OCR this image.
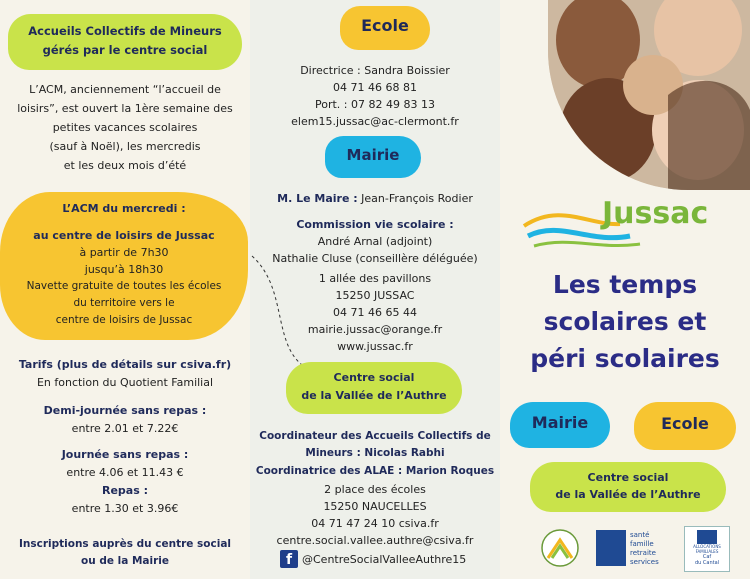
Accueils Collectifs de Mineurs
gérés par le centre social
L’ACM, anciennement “l’accueil de loisirs”, est ouvert la 1ère semaine des petites vacances scolaires
(sauf à Noël), les mercredis
et les deux mois d’été
L’ACM du mercredi :
au centre de loisirs de Jussac
à partir de 7h30
jusqu’à 18h30
Navette gratuite de toutes les écoles
du territoire vers le
centre de loisirs de Jussac
Tarifs (plus de détails sur csiva.fr)
En fonction du Quotient Familial
Demi-journée sans repas :
entre 2.01 et 7.22€
Journée sans repas :
entre 4.06 et 11.43 €
Repas :
entre 1.30 et 3.96€
Inscriptions auprès du centre social
ou de la Mairie
Ecole
Directrice : Sandra Boissier
04 71 46 68 81
Port. : 07 82 49 83 13
elem15.jussac@ac-clermont.fr
Mairie
M. Le Maire : Jean-François Rodier
Commission vie scolaire :
André Arnal (adjoint)
Nathalie Cluse (conseillère déléguée)
1 allée des pavillons
15250 JUSSAC
04 71 46 65 44
mairie.jussac@orange.fr
www.jussac.fr
Centre social
de la Vallée de l’Authre
Coordinateur des Accueils Collectifs de Mineurs : Nicolas Rabhi
Coordinatrice des ALAE : Marion Roques
2 place des écoles
15250 NAUCELLES
04 71 47 24 10 csiva.fr
centre.social.vallee.authre@csiva.fr
f @CentreSocialValleeAuthre15
Jussac
Les temps
scolaires et
péri scolaires
Mairie	Ecole
Centre social
de la Vallée de l’Authre
santé
famille
retraite
services
ALLOCATIONS FAMILIALES
Caf
du Cantal
